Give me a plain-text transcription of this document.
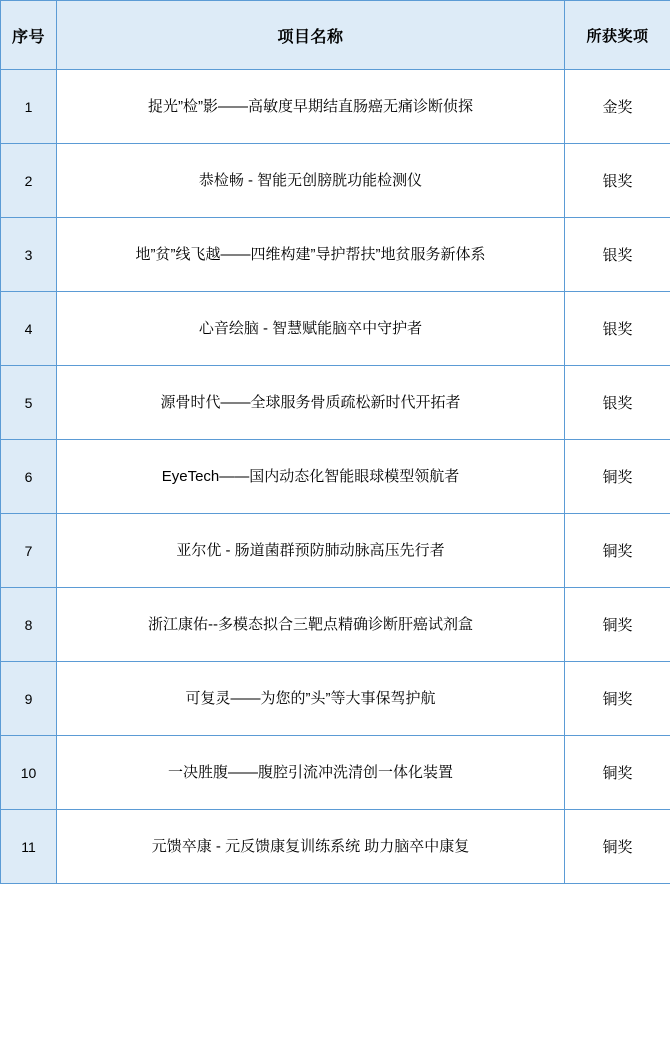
序号	项目名称	所获奖项
1	捉光”检”影——高敏度早期结直肠癌无痛诊断侦探	金奖
2	恭检畅 - 智能无创膀胱功能检测仪	银奖
3	地”贫”线飞越——四维构建”导护帮扶”地贫服务新体系	银奖
4	心音绘脑 - 智慧赋能脑卒中守护者	银奖
5	源骨时代——全球服务骨质疏松新时代开拓者	银奖
6	EyeTech——国内动态化智能眼球模型领航者	铜奖
7	亚尔优 - 肠道菌群预防肺动脉高压先行者	铜奖
8	浙江康佑--多模态拟合三靶点精确诊断肝癌试剂盒	铜奖
9	可复灵——为您的”头”等大事保驾护航	铜奖
10	一决胜腹——腹腔引流冲洗清创一体化装置	铜奖
11	元馈卒康 - 元反馈康复训练系统 助力脑卒中康复	铜奖
